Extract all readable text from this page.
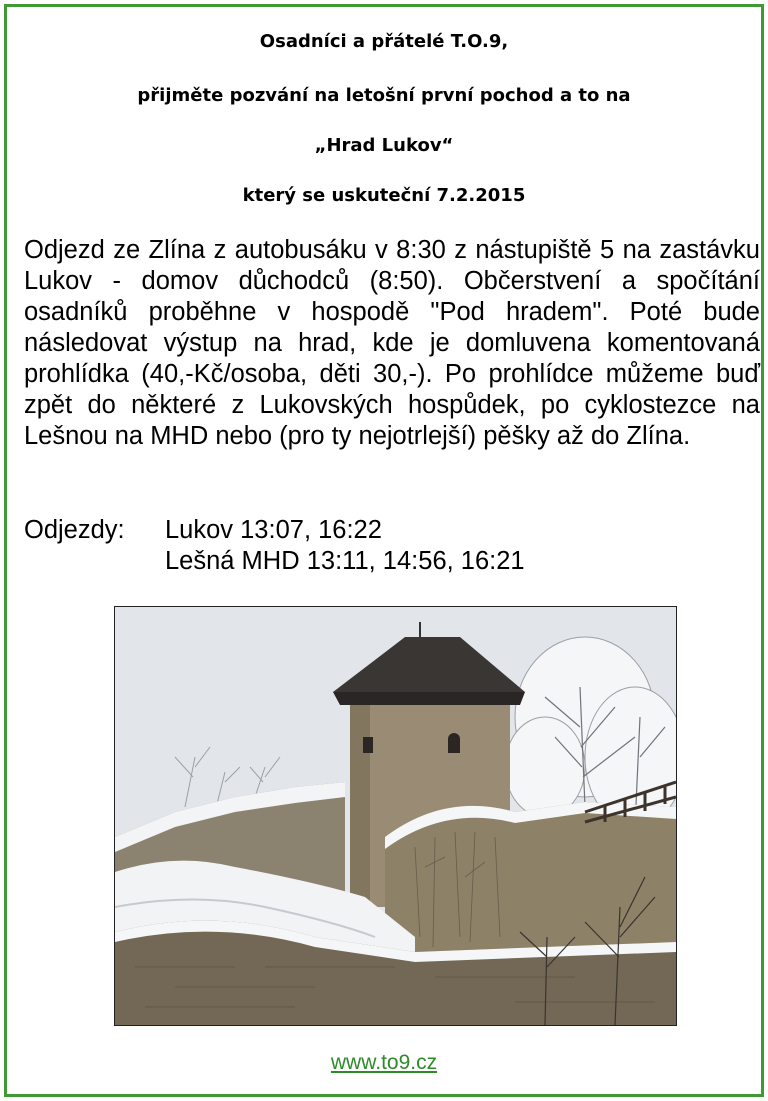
Osadníci a přátelé T.O.9,

přijměte pozvání na letošní první pochod a to na

„Hrad Lukov“

který se uskuteční 7.2.2015

Odjezd ze Zlína z autobusáku v 8:30 z nástupiště 5 na zastávku Lukov - domov důchodců (8:50). Občerstvení a spočítání osadníků proběhne v hospodě "Pod hradem". Poté bude následovat výstup na hrad, kde je domluvena komentovaná prohlídka (40,-Kč/osoba, děti 30,-). Po prohlídce můžeme buď zpět do některé z Lukovských hospůdek, po cyklostezce na Lešnou na MHD nebo (pro ty nejotrlejší) pěšky až do Zlína.

Odjezdy:	Lukov 13:07, 16:22
Lešná MHD 13:11, 14:56, 16:21
www.to9.cz
